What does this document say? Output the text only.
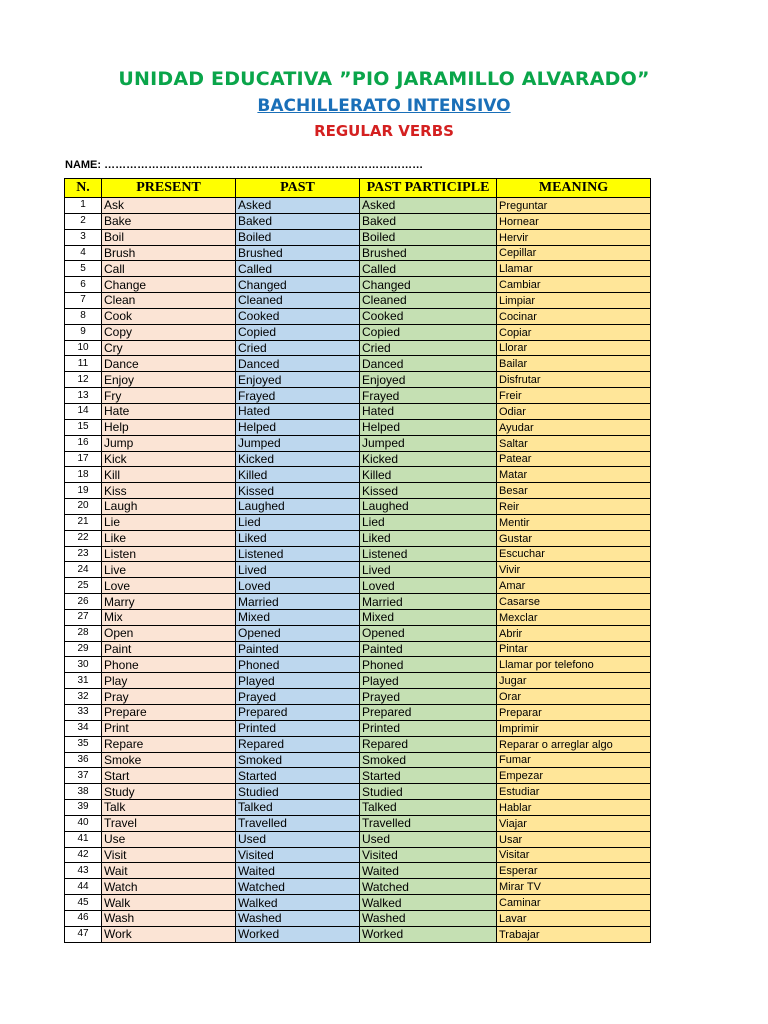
UNIDAD EDUCATIVA ”PIO JARAMILLO ALVARADO”
BACHILLERATO INTENSIVO
REGULAR VERBS
NAME: ……………………………………………………………………………
N.	PRESENT	PAST	PAST PARTICIPLE	MEANING
1	Ask	Asked	Asked	Preguntar
2	Bake	Baked	Baked	Hornear
3	Boil	Boiled	Boiled	Hervir
4	Brush	Brushed	Brushed	Cepillar
5	Call	Called	Called	Llamar
6	Change	Changed	Changed	Cambiar
7	Clean	Cleaned	Cleaned	Limpiar
8	Cook	Cooked	Cooked	Cocinar
9	Copy	Copied	Copied	Copiar
10	Cry	Cried	Cried	Llorar
11	Dance	Danced	Danced	Bailar
12	Enjoy	Enjoyed	Enjoyed	Disfrutar
13	Fry	Frayed	Frayed	Freir
14	Hate	Hated	Hated	Odiar
15	Help	Helped	Helped	Ayudar
16	Jump	Jumped	Jumped	Saltar
17	Kick	Kicked	Kicked	Patear
18	Kill	Killed	Killed	Matar
19	Kiss	Kissed	Kissed	Besar
20	Laugh	Laughed	Laughed	Reir
21	Lie	Lied	Lied	Mentir
22	Like	Liked	Liked	Gustar
23	Listen	Listened	Listened	Escuchar
24	Live	Lived	Lived	Vivir
25	Love	Loved	Loved	Amar
26	Marry	Married	Married	Casarse
27	Mix	Mixed	Mixed	Mexclar
28	Open	Opened	Opened	Abrir
29	Paint	Painted	Painted	Pintar
30	Phone	Phoned	Phoned	Llamar por telefono
31	Play	Played	Played	Jugar
32	Pray	Prayed	Prayed	Orar
33	Prepare	Prepared	Prepared	Preparar
34	Print	Printed	Printed	Imprimir
35	Repare	Repared	Repared	Reparar o arreglar algo
36	Smoke	Smoked	Smoked	Fumar
37	Start	Started	Started	Empezar
38	Study	Studied	Studied	Estudiar
39	Talk	Talked	Talked	Hablar
40	Travel	Travelled	Travelled	Viajar
41	Use	Used	Used	Usar
42	Visit	Visited	Visited	Visitar
43	Wait	Waited	Waited	Esperar
44	Watch	Watched	Watched	Mirar TV
45	Walk	Walked	Walked	Caminar
46	Wash	Washed	Washed	Lavar
47	Work	Worked	Worked	Trabajar
